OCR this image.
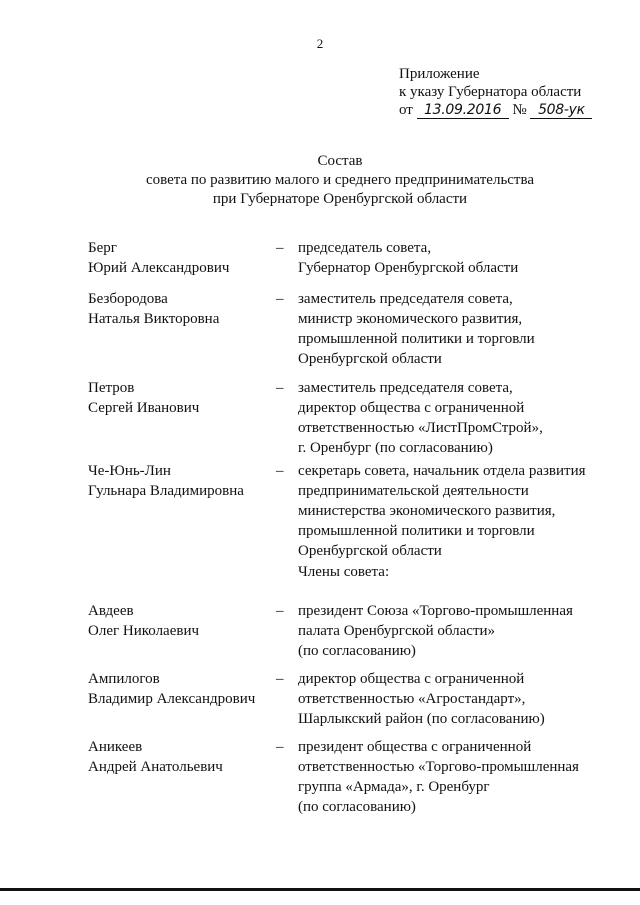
2
Приложение
к указу Губернатора области
от 13.09.2016 № 508-ук
Состав
совета по развитию малого и среднего предпринимательства
при Губернаторе Оренбургской области
Берг
Юрий Александрович
– председатель совета,
Губернатор Оренбургской области
Безбородова
Наталья Викторовна
– заместитель председателя совета,
министр экономического развития,
промышленной политики и торговли
Оренбургской области
Петров
Сергей Иванович
– заместитель председателя совета,
директор общества с ограниченной
ответственностью «ЛистПромСтрой»,
г. Оренбург (по согласованию)
Че-Юнь-Лин
Гульнара Владимировна
– секретарь совета, начальник отдела развития
предпринимательской деятельности
министерства экономического развития,
промышленной политики и торговли
Оренбургской области
Члены совета:
Авдеев
Олег Николаевич
– президент Союза «Торгово-промышленная
палата Оренбургской области»
(по согласованию)
Ампилогов
Владимир Александрович
– директор общества с ограниченной
ответственностью «Агростандарт»,
Шарлыкский район (по согласованию)
Аникеев
Андрей Анатольевич
– президент общества с ограниченной
ответственностью «Торгово-промышленная
группа «Армада», г. Оренбург
(по согласованию)
